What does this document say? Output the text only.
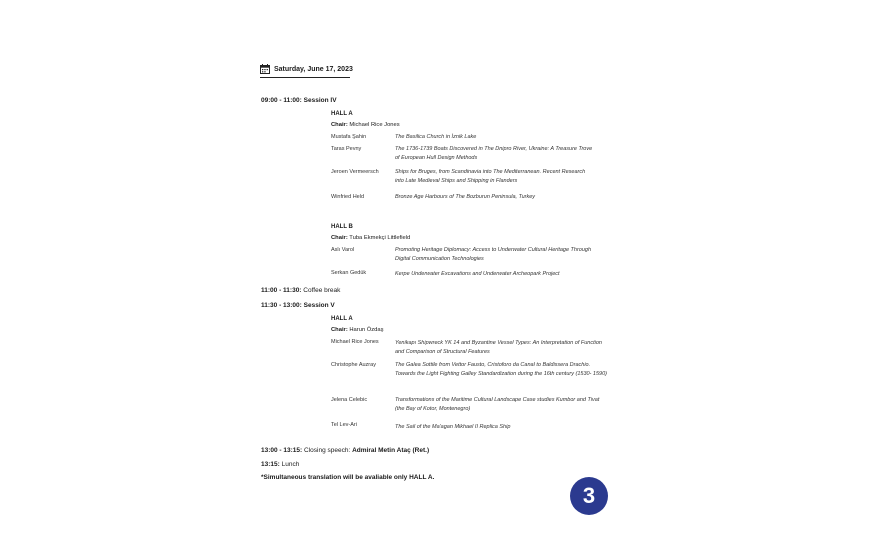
Saturday, June 17, 2023
09:00 - 11:00: Session IV
HALL A
Chair: Michael Rice Jones
Mustafa Şahin	The Basilica Church in İznik Lake
Taras Pevny	The 1736-1739 Boats Discovered in The Dnipro River, Ukraine: A Treasure Trove of European Hull Design Methods
Jeroen Vermeersch	Ships for Bruges, from Scandinavia into The Mediterranean. Recent Research into Late Medieval Ships and Shipping in Flanders
Winfried Held	Bronze Age Harbours of The Bozburun Peninsula, Turkey
HALL B
Chair: Tuba Ekmekçi Littlefield
Aslı Varol	Promoting Heritage Diplomacy: Access to Underwater Cultural Heritage Through Digital Communication Technologies
Serkan Gedük	Kerpe Underwater Excavations and Underwater Archeopark Project
11:00 - 11:30: Coffee break
11:30 - 13:00: Session V
HALL A
Chair: Harun Özdaş
Michael Rice Jones	Yenikapı Shipwreck YK 14 and Byzantine Vessel Types: An Interpretation of Function and Comparison of Structural Features
Christophe Auzray	The Galea Sottile from Vettor Fausto, Cristoforo da Canal to Baldissera Drachio. Towards the Light Fighting Galley Standardization during the 16th century (1530- 1590)
Jelena Celebic	Transformations of the Maritime Cultural Landscape Case studies Kumbor and Tivat (the Bay of Kotor, Montenegro)
Tel Lev-Ari	The Sail of the Ma'agan Mikhael II Replica Ship
13:00 - 13:15: Closing speech: Admiral Metin Ataç (Ret.)
13:15: Lunch
*Simultaneous translation will be avaliable only HALL A.
3
